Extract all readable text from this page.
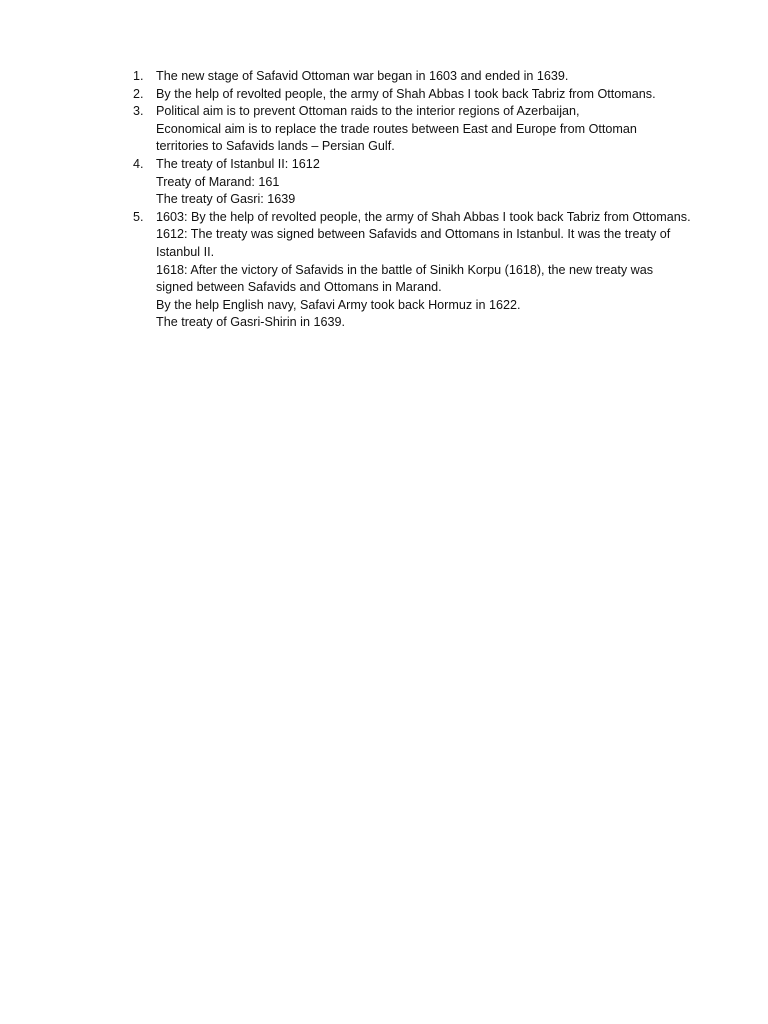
1. The new stage of Safavid Ottoman war began in 1603 and ended in 1639.
2. By the help of revolted people, the army of Shah Abbas I took back Tabriz from Ottomans.
3. Political aim is to prevent Ottoman raids to the interior regions of Azerbaijan,
Economical aim is to replace the trade routes between East and Europe from Ottoman
territories to Safavids lands – Persian Gulf.
4. The treaty of Istanbul II: 1612
Treaty of Marand: 161
The treaty of Gasri: 1639
5. 1603: By the help of revolted people, the army of Shah Abbas I took back Tabriz from Ottomans.
1612: The treaty was signed between Safavids and Ottomans in Istanbul. It was the treaty of
Istanbul II.
1618: After the victory of Safavids in the battle of Sinikh Korpu (1618), the new treaty was
signed between Safavids and Ottomans in Marand.
By the help English navy, Safavi Army took back Hormuz in 1622.
The treaty of Gasri-Shirin in 1639.
